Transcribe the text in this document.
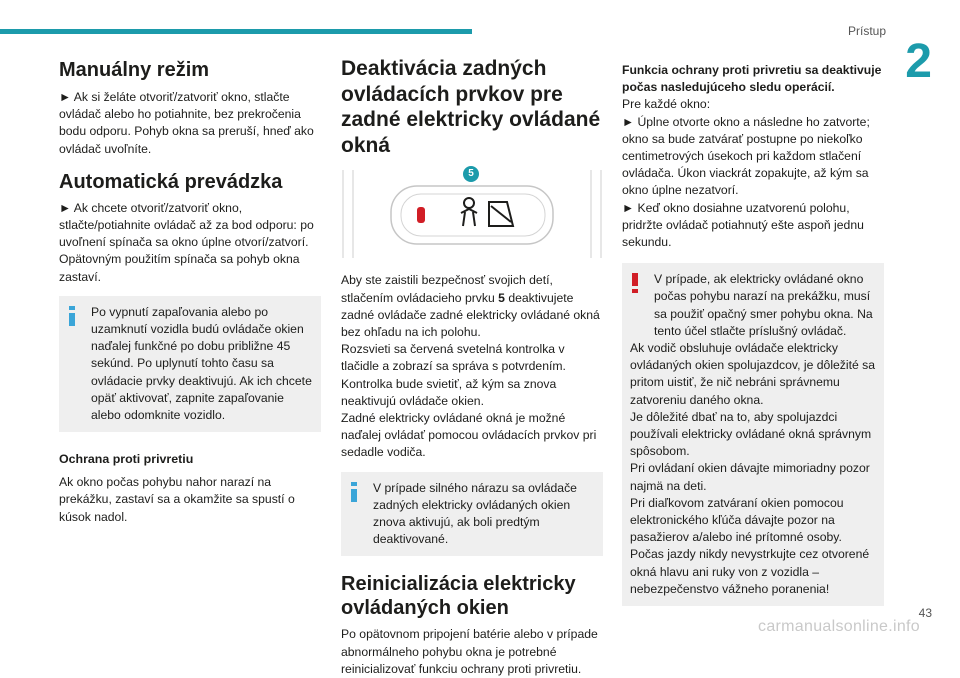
Prístup
2
Manuálny režim

► Ak si želáte otvoriť/zatvoriť okno, stlačte ovládač alebo ho potiahnite, bez prekročenia bodu odporu. Pohyb okna sa preruší, hneď ako ovládač uvoľníte.

Automatická prevádzka

► Ak chcete otvoriť/zatvoriť okno, stlačte/potiahnite ovládač až za bod odporu: po uvoľnení spínača sa okno úplne otvorí/zatvorí. Opätovným použitím spínača sa pohyb okna zastaví.

Po vypnutí zapaľovania alebo po uzamknutí vozidla budú ovládače okien naďalej funkčné po dobu približne 45 sekúnd. Po uplynutí tohto času sa ovládacie prvky deaktivujú. Ak ich chcete opäť aktivovať, zapnite zapaľovanie alebo odomknite vozidlo.
Ochrana proti privretiu

Ak okno počas pohybu nahor narazí na prekážku, zastaví sa a okamžite sa spustí o kúsok nadol.

Deaktivácia zadných ovládacích prvkov pre zadné elektricky ovládané okná
5

Aby ste zaistili bezpečnosť svojich detí, stlačením ovládacieho prvku 5 deaktivujete zadné ovládače zadné elektricky ovládané okná bez ohľadu na ich polohu.

Rozsvieti sa červená svetelná kontrolka v tlačidle a zobrazí sa správa s potvrdením. Kontrolka bude svietiť, až kým sa znova neaktivujú ovládače okien.

Zadné elektricky ovládané okná je možné naďalej ovládať pomocou ovládacích prvkov pri sedadle vodiča.

V prípade silného nárazu sa ovládače zadných elektricky ovládaných okien znova aktivujú, ak boli predtým deaktivované.
Reinicializácia elektricky ovládaných okien

Po opätovnom pripojení batérie alebo v prípade abnormálneho pohybu okna je potrebné reinicializovať funkciu ochrany proti privretiu.

Funkcia ochrany proti privretiu sa deaktivuje počas nasledujúceho sledu operácií.

Pre každé okno:

► Úplne otvorte okno a následne ho zatvorte; okno sa bude zatvárať postupne po niekoľko centimetrových úsekoch pri každom stlačení ovládača. Úkon viackrát zopakujte, až kým sa okno úplne nezatvorí.

► Keď okno dosiahne uzatvorenú polohu, pridržte ovládač potiahnutý ešte aspoň jednu sekundu.

V prípade, ak elektricky ovládané okno počas pohybu narazí na prekážku, musí sa použiť opačný smer pohybu okna. Na tento účel stlačte príslušný ovládač.
Ak vodič obsluhuje ovládače elektricky ovládaných okien spolujazdcov, je dôležité sa pritom uistiť, že nič nebráni správnemu zatvoreniu daného okna.
Je dôležité dbať na to, aby spolujazdci používali elektricky ovládané okná správnym spôsobom.
Pri ovládaní okien dávajte mimoriadny pozor najmä na deti.
Pri diaľkovom zatváraní okien pomocou elektronického kľúča dávajte pozor na pasažierov a/alebo iné prítomné osoby.
Počas jazdy nikdy nevystrkujte cez otvorené okná hlavu ani ruky von z vozidla – nebezpečenstvo vážneho poranenia!
carmanualsonline.info
43
